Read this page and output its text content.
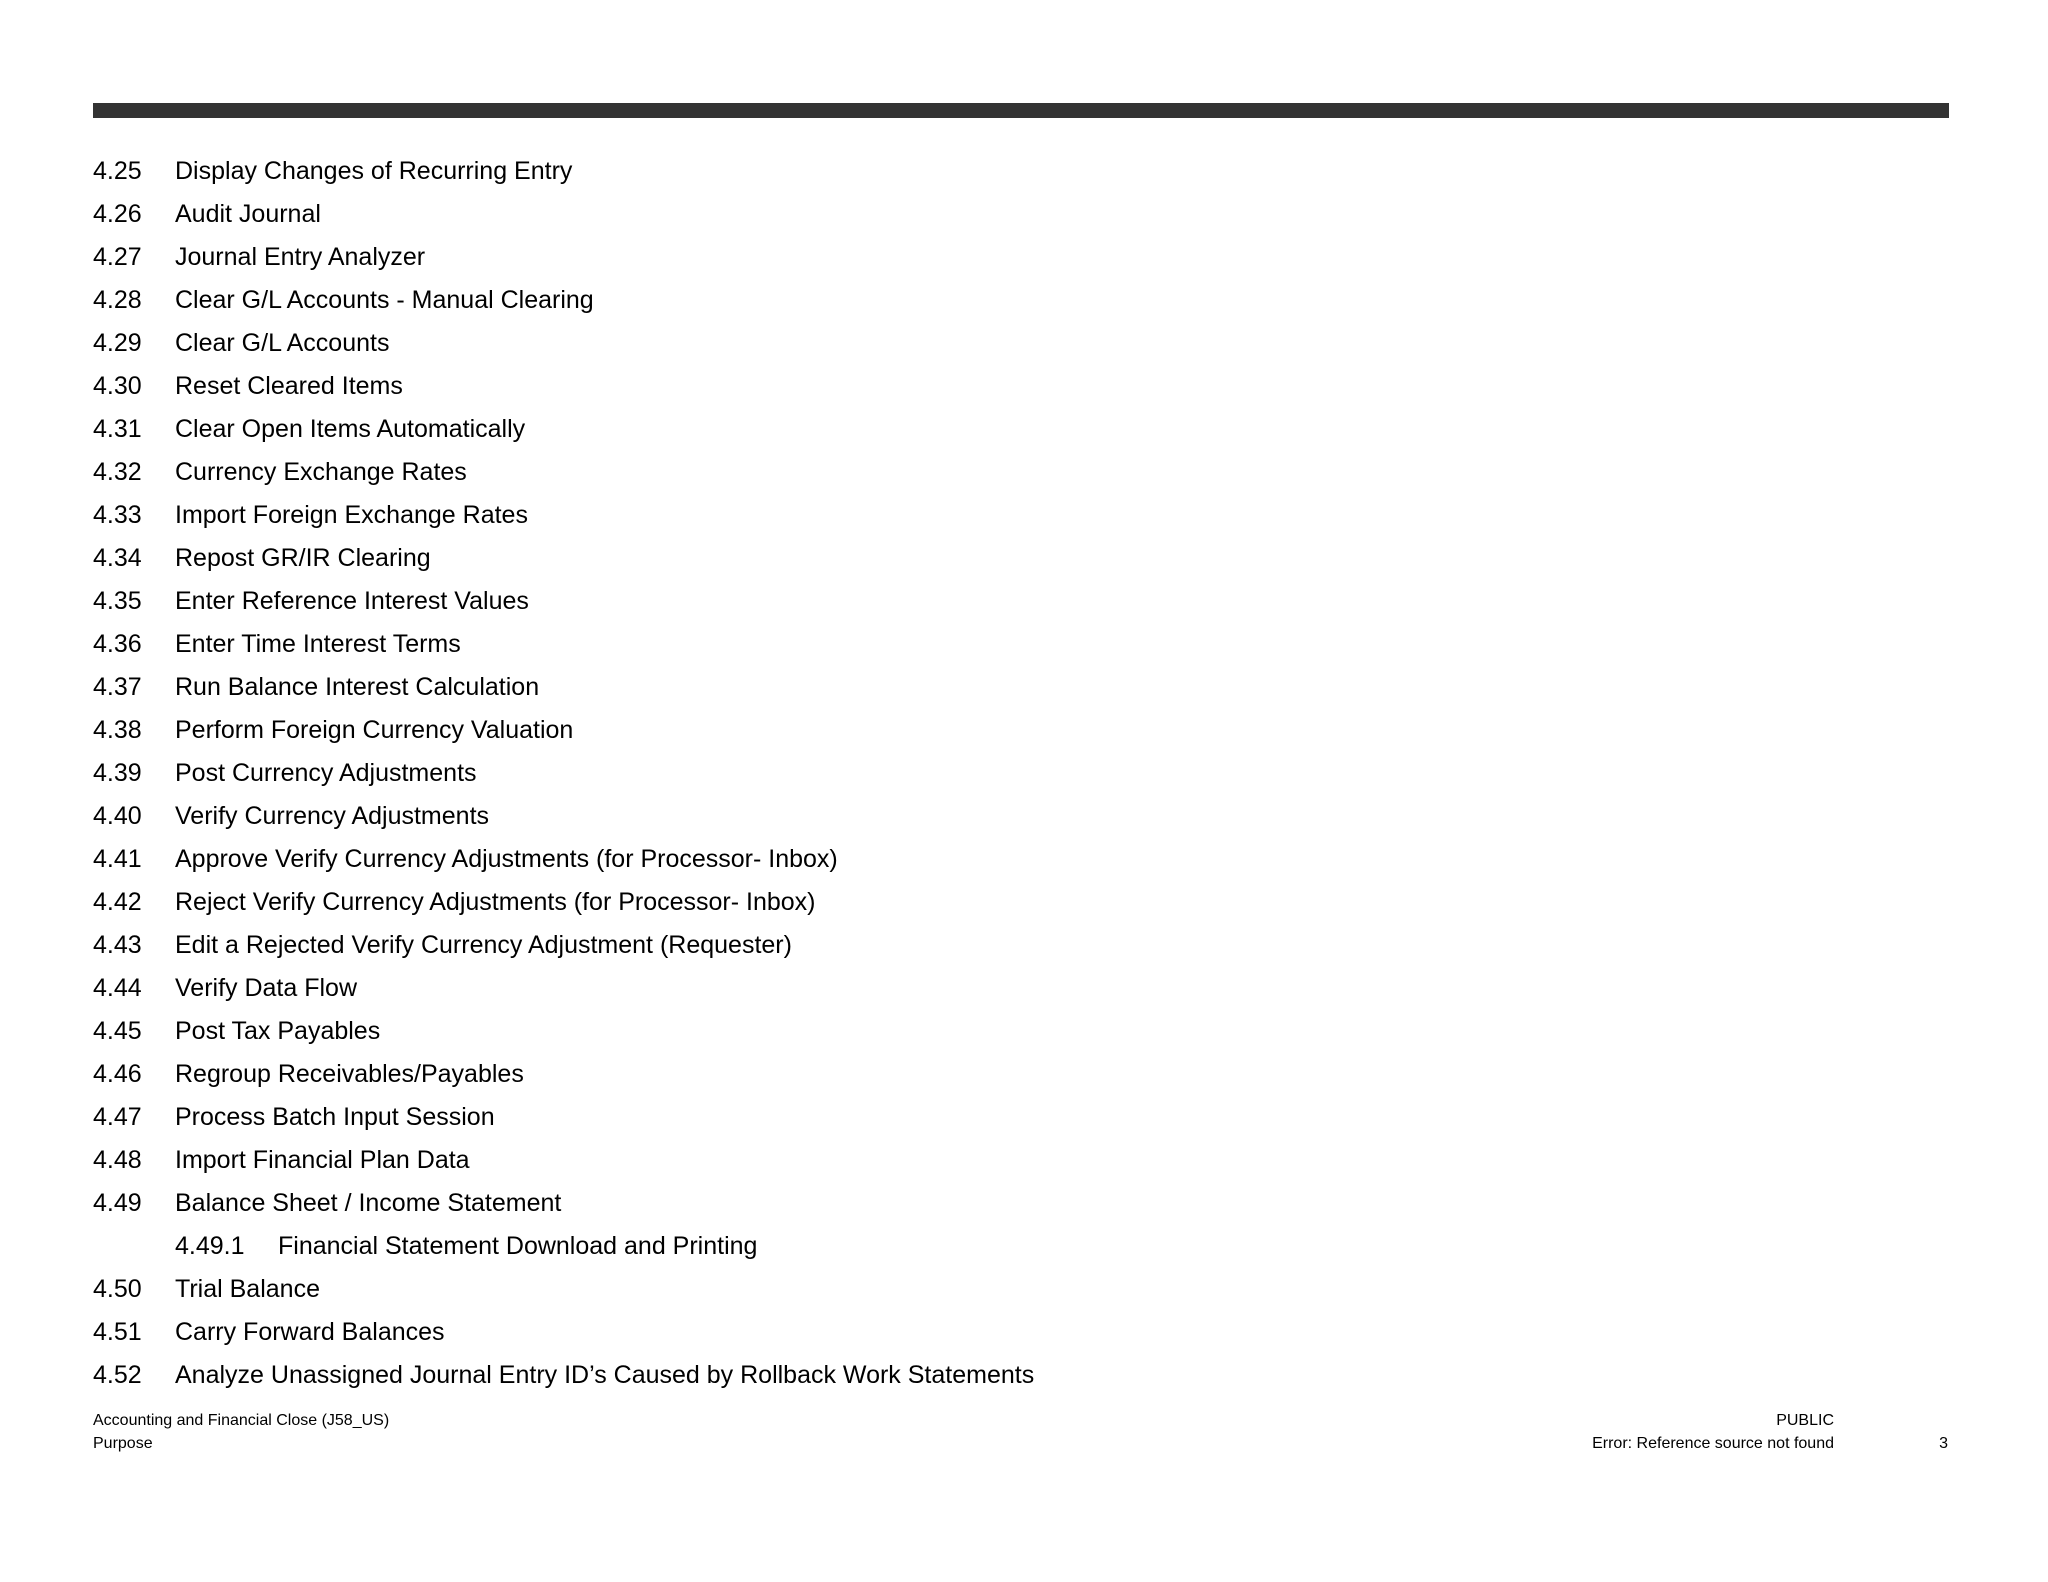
4.25	Display Changes of Recurring Entry
4.26	Audit Journal
4.27	Journal Entry Analyzer
4.28	Clear G/L Accounts - Manual Clearing
4.29	Clear G/L Accounts
4.30	Reset Cleared Items
4.31	Clear Open Items Automatically
4.32	Currency Exchange Rates
4.33	Import Foreign Exchange Rates
4.34	Repost GR/IR Clearing
4.35	Enter Reference Interest Values
4.36	Enter Time Interest Terms
4.37	Run Balance Interest Calculation
4.38	Perform Foreign Currency Valuation
4.39	Post Currency Adjustments
4.40	Verify Currency Adjustments
4.41	Approve Verify Currency Adjustments (for Processor- Inbox)
4.42	Reject Verify Currency Adjustments (for Processor- Inbox)
4.43	Edit a Rejected Verify Currency Adjustment (Requester)
4.44	Verify Data Flow
4.45	Post Tax Payables
4.46	Regroup Receivables/Payables
4.47	Process Batch Input Session
4.48	Import Financial Plan Data
4.49	Balance Sheet / Income Statement
4.49.1	Financial Statement Download and Printing
4.50	Trial Balance
4.51	Carry Forward Balances
4.52	Analyze Unassigned Journal Entry ID’s Caused by Rollback Work Statements
Accounting and Financial Close (J58_US)
Purpose
PUBLIC
Error: Reference source not found	3
